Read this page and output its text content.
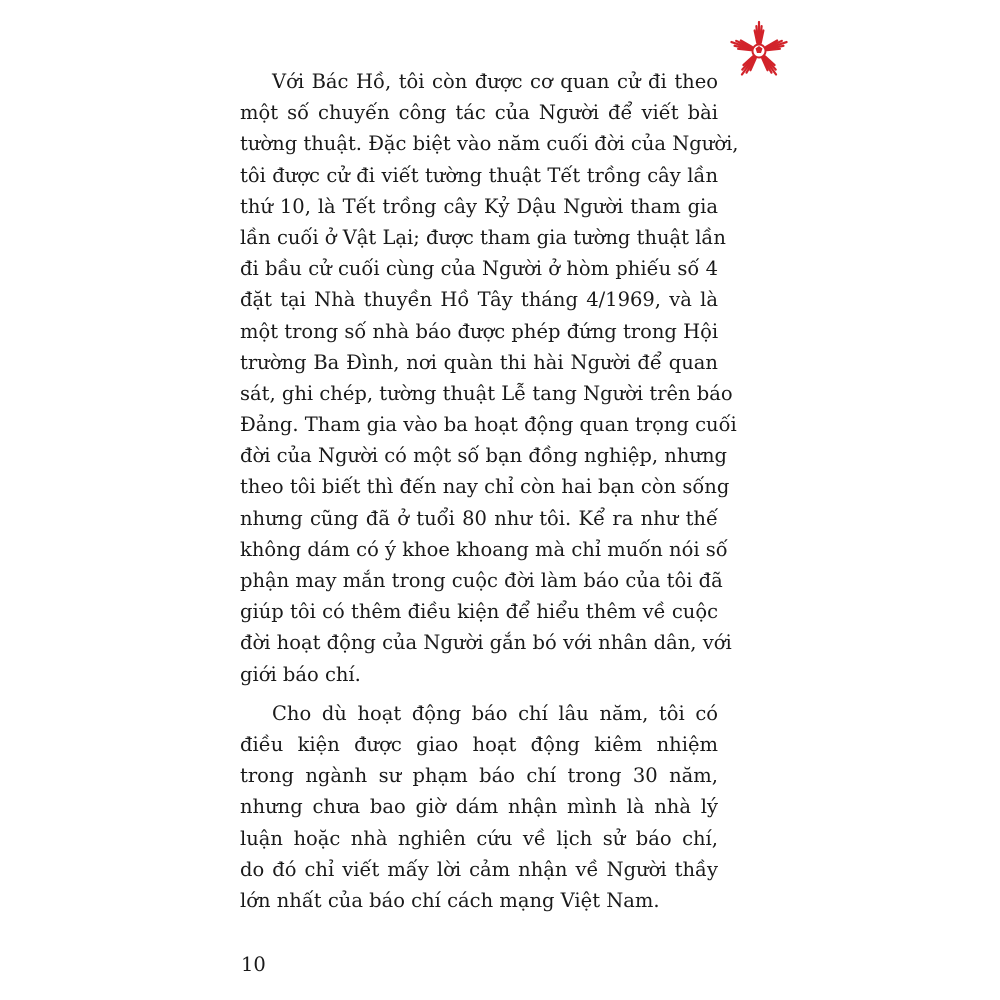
Với Bác Hồ, tôi còn được cơ quan cử đi theo
một số chuyến công tác của Người để viết bài
tường thuật. Đặc biệt vào năm cuối đời của Người,
tôi được cử đi viết tường thuật Tết trồng cây lần
thứ 10, là Tết trồng cây Kỷ Dậu Người tham gia
lần cuối ở Vật Lại; được tham gia tường thuật lần
đi bầu cử cuối cùng của Người ở hòm phiếu số 4
đặt tại Nhà thuyền Hồ Tây tháng 4/1969, và là
một trong số nhà báo được phép đứng trong Hội
trường Ba Đình, nơi quàn thi hài Người để quan
sát, ghi chép, tường thuật Lễ tang Người trên báo
Đảng. Tham gia vào ba hoạt động quan trọng cuối
đời của Người có một số bạn đồng nghiệp, nhưng
theo tôi biết thì đến nay chỉ còn hai bạn còn sống
nhưng cũng đã ở tuổi 80 như tôi. Kể ra như thế
không dám có ý khoe khoang mà chỉ muốn nói số
phận may mắn trong cuộc đời làm báo của tôi đã
giúp tôi có thêm điều kiện để hiểu thêm về cuộc
đời hoạt động của Người gắn bó với nhân dân, với
giới báo chí.
Cho dù hoạt động báo chí lâu năm, tôi có
điều kiện được giao hoạt động kiêm nhiệm
trong ngành sư phạm báo chí trong 30 năm,
nhưng chưa bao giờ dám nhận mình là nhà lý
luận hoặc nhà nghiên cứu về lịch sử báo chí,
do đó chỉ viết mấy lời cảm nhận về Người thầy
lớn nhất của báo chí cách mạng Việt Nam.
10
